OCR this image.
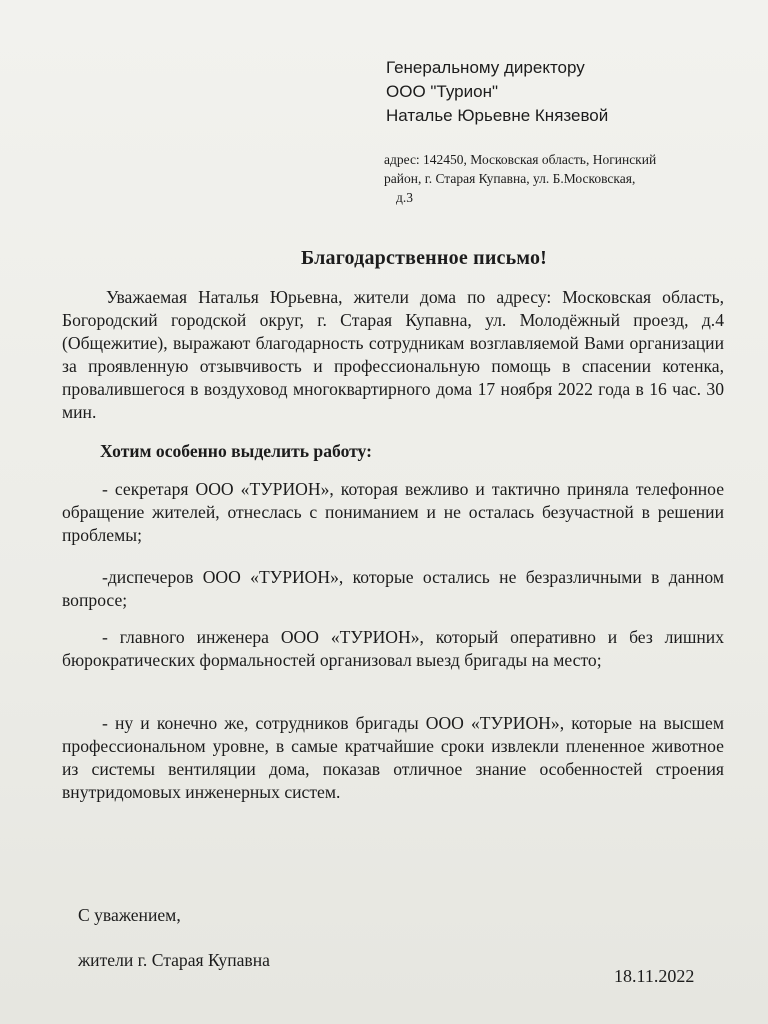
Генеральному директору
ООО "Турион"
Наталье Юрьевне Князевой
адрес: 142450, Московская область, Ногинский
район, г. Старая Купавна, ул. Б.Московская,
д.3
Благодарственное письмо!
Уважаемая Наталья Юрьевна, жители дома по адресу: Московская область, Богородский городской округ, г. Старая Купавна, ул. Молодёжный проезд, д.4 (Общежитие), выражают благодарность сотрудникам возглавляемой Вами организации за проявленную отзывчивость и профессиональную помощь в спасении котенка, провалившегося в воздуховод многоквартирного дома 17 ноября 2022 года в 16 час. 30 мин.
Хотим особенно выделить работу:
- секретаря ООО «ТУРИОН», которая вежливо и тактично приняла телефонное обращение жителей, отнеслась с пониманием и не осталась безучастной в решении проблемы;
-диспечеров ООО «ТУРИОН», которые остались не безразличными в данном вопросе;
- главного инженера ООО «ТУРИОН», который оперативно и без лишних бюрократических формальностей организовал выезд бригады на место;
- ну и конечно же, сотрудников бригады ООО «ТУРИОН», которые на высшем профессиональном уровне, в самые кратчайшие сроки извлекли плененное животное из системы вентиляции дома, показав отличное знание особенностей строения внутридомовых инженерных систем.
С уважением,
жители г. Старая Купавна
18.11.2022
